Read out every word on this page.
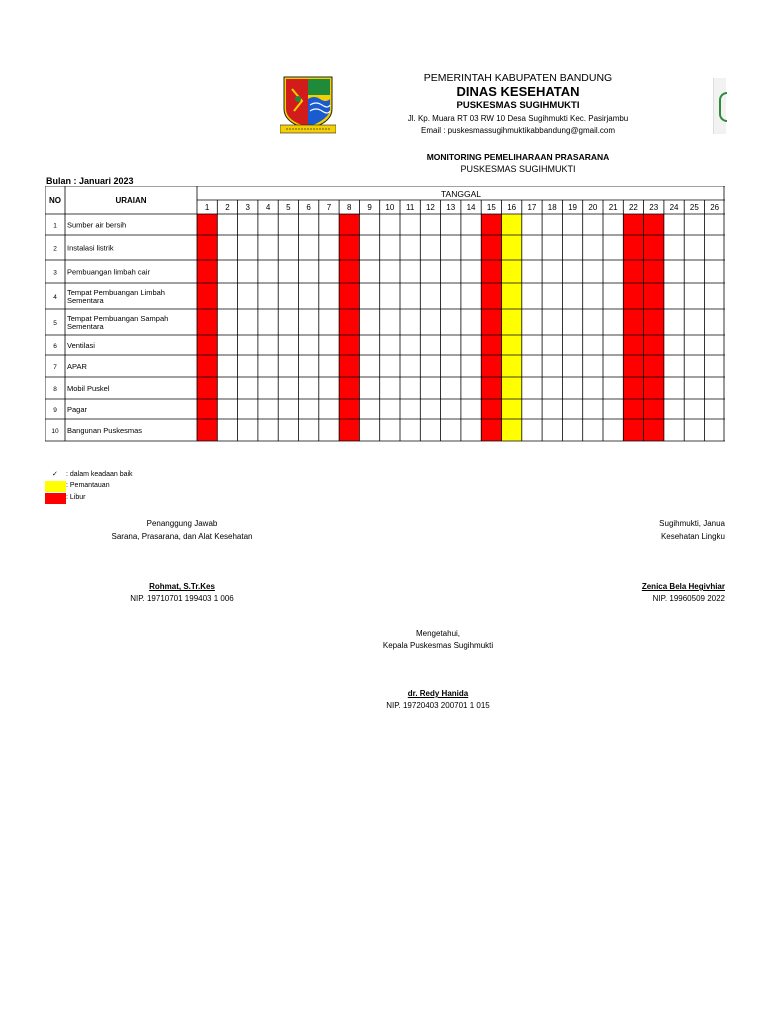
PEMERINTAH KABUPATEN BANDUNG
DINAS KESEHATAN
PUSKESMAS SUGIHMUKTI
Jl. Kp. Muara RT 03 RW 10 Desa Sugihmukti Kec. Pasirjambu
Email : puskesmassugihmuktikabbandung@gmail.com
MONITORING PEMELIHARAAN PRASARANA
PUSKESMAS SUGIHMUKTI
Bulan : Januari 2023
NO	URAIAN
TANGGAL
1 2 3 4 5 6 7 8 9 10 11 12 13 14 15 16 17 18 19 20 21 22 23 24 25 26
1 Sumber air bersih
2 Instalasi listrik
3 Pembuangan limbah cair
4
Tempat Pembuangan Limbah Sementara
5
Tempat Pembuangan Sampah Sementara
6 Ventilasi
7 APAR
8 Mobil Puskel
9 Pagar
10 Bangunan Puskesmas
✓	: dalam keadaan baik
: Pemantauan
: Libur
Penanggung Jawab
Sarana, Prasarana, dan Alat Kesehatan
Rohmat, S.Tr.Kes
NIP. 19710701 199403 1 006
Sugihmukti, Janua
Kesehatan Lingku
Zenica Bela Hegivhiar
NIP. 19960509 2022
Mengetahui,
Kepala Puskesmas Sugihmukti
dr. Redy Hanida
NIP. 19720403 200701 1 015
